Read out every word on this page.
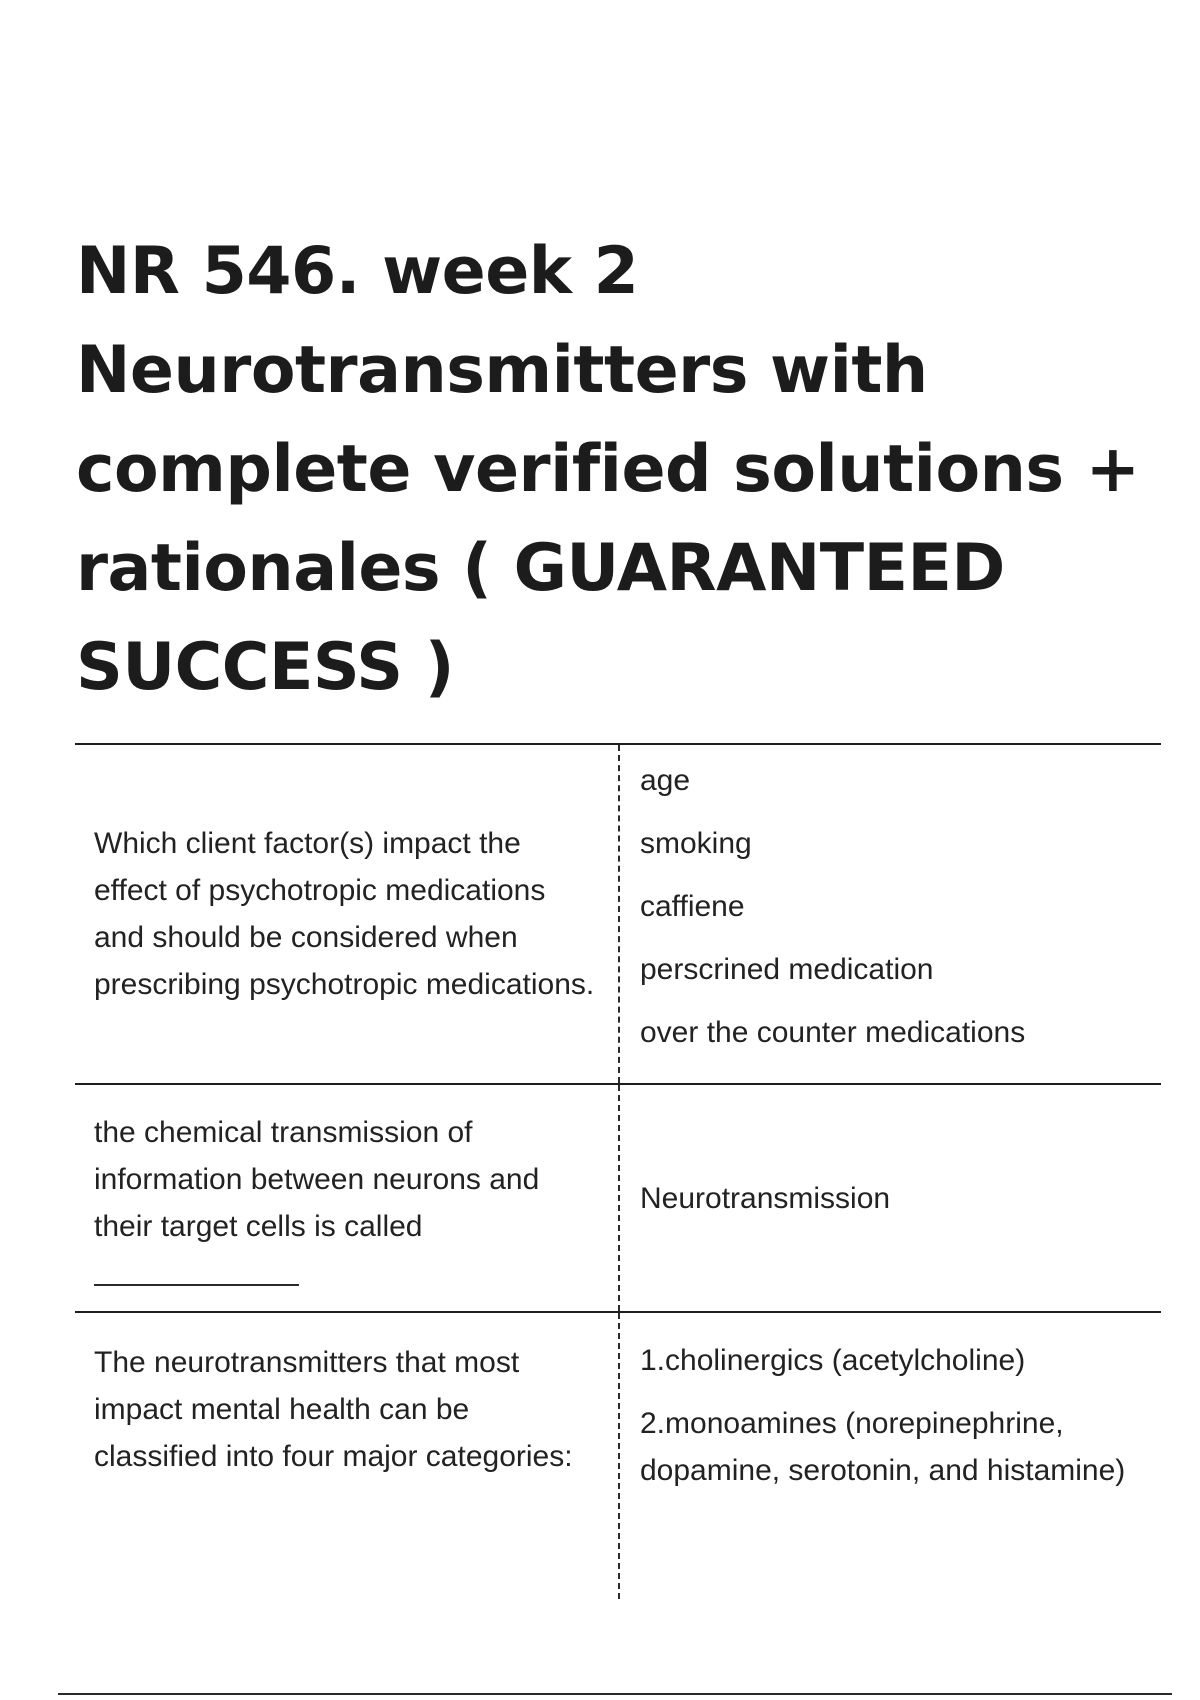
NR 546. week 2
Neurotransmitters with
complete verified solutions +
rationales ( GUARANTEED
SUCCESS )
Which client factor(s) impact the effect of psychotropic medications and should be considered when prescribing psychotropic medications.
age
smoking
caffiene
perscrined medication
over the counter medications
the chemical transmission of information between neurons and their target cells is called

Neurotransmission
The neurotransmitters that most impact mental health can be classified into four major categories:
1.cholinergics (acetylcholine)
2.monoamines (norepinephrine, dopamine, serotonin, and histamine)
